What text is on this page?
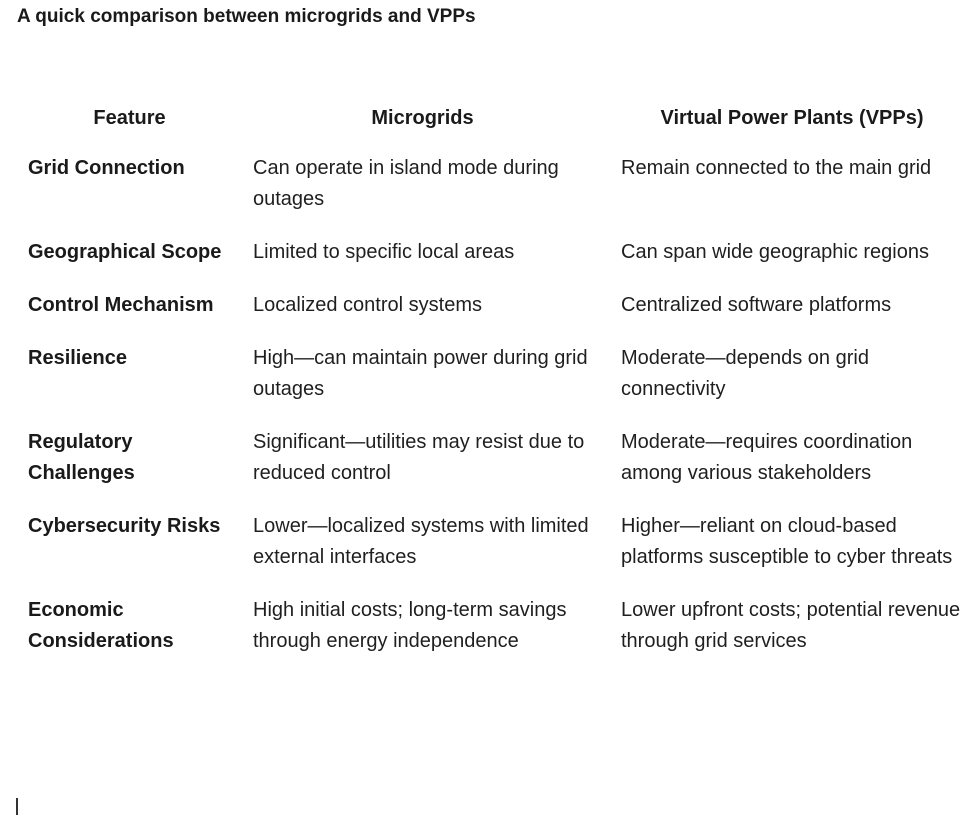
A quick comparison between microgrids and VPPs
Feature	Microgrids	Virtual Power Plants (VPPs)
Grid Connection	Can operate in island mode during outages	Remain connected to the main grid
Geographical Scope	Limited to specific local areas	Can span wide geographic regions
Control Mechanism	Localized control systems	Centralized software platforms
Resilience	High—can maintain power during grid outages	Moderate—depends on grid connectivity
Regulatory Challenges	Significant—utilities may resist due to reduced control	Moderate—requires coordination among various stakeholders
Cybersecurity Risks	Lower—localized systems with limited external interfaces	Higher—reliant on cloud-based platforms susceptible to cyber threats
Economic Considerations	High initial costs; long-term savings through energy independence	Lower upfront costs; potential revenue through grid services
